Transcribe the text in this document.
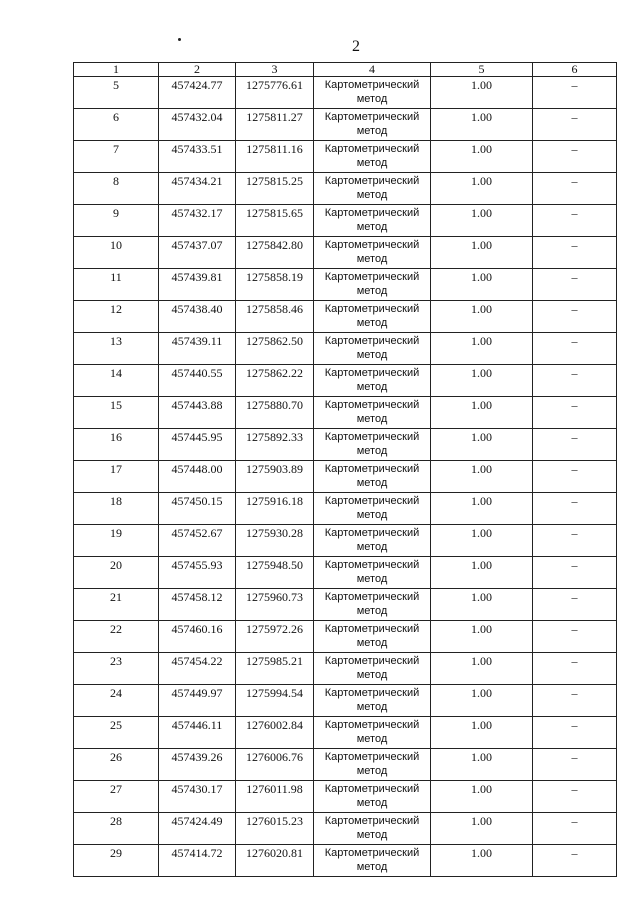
2
1	2	3	4	5	6
5	457424.77	1275776.61	Картометрический метод	1.00	–
6	457432.04	1275811.27	Картометрический метод	1.00	–
7	457433.51	1275811.16	Картометрический метод	1.00	–
8	457434.21	1275815.25	Картометрический метод	1.00	–
9	457432.17	1275815.65	Картометрический метод	1.00	–
10	457437.07	1275842.80	Картометрический метод	1.00	–
11	457439.81	1275858.19	Картометрический метод	1.00	–
12	457438.40	1275858.46	Картометрический метод	1.00	–
13	457439.11	1275862.50	Картометрический метод	1.00	–
14	457440.55	1275862.22	Картометрический метод	1.00	–
15	457443.88	1275880.70	Картометрический метод	1.00	–
16	457445.95	1275892.33	Картометрический метод	1.00	–
17	457448.00	1275903.89	Картометрический метод	1.00	–
18	457450.15	1275916.18	Картометрический метод	1.00	–
19	457452.67	1275930.28	Картометрический метод	1.00	–
20	457455.93	1275948.50	Картометрический метод	1.00	–
21	457458.12	1275960.73	Картометрический метод	1.00	–
22	457460.16	1275972.26	Картометрический метод	1.00	–
23	457454.22	1275985.21	Картометрический метод	1.00	–
24	457449.97	1275994.54	Картометрический метод	1.00	–
25	457446.11	1276002.84	Картометрический метод	1.00	–
26	457439.26	1276006.76	Картометрический метод	1.00	–
27	457430.17	1276011.98	Картометрический метод	1.00	–
28	457424.49	1276015.23	Картометрический метод	1.00	–
29	457414.72	1276020.81	Картометрический метод	1.00	–
